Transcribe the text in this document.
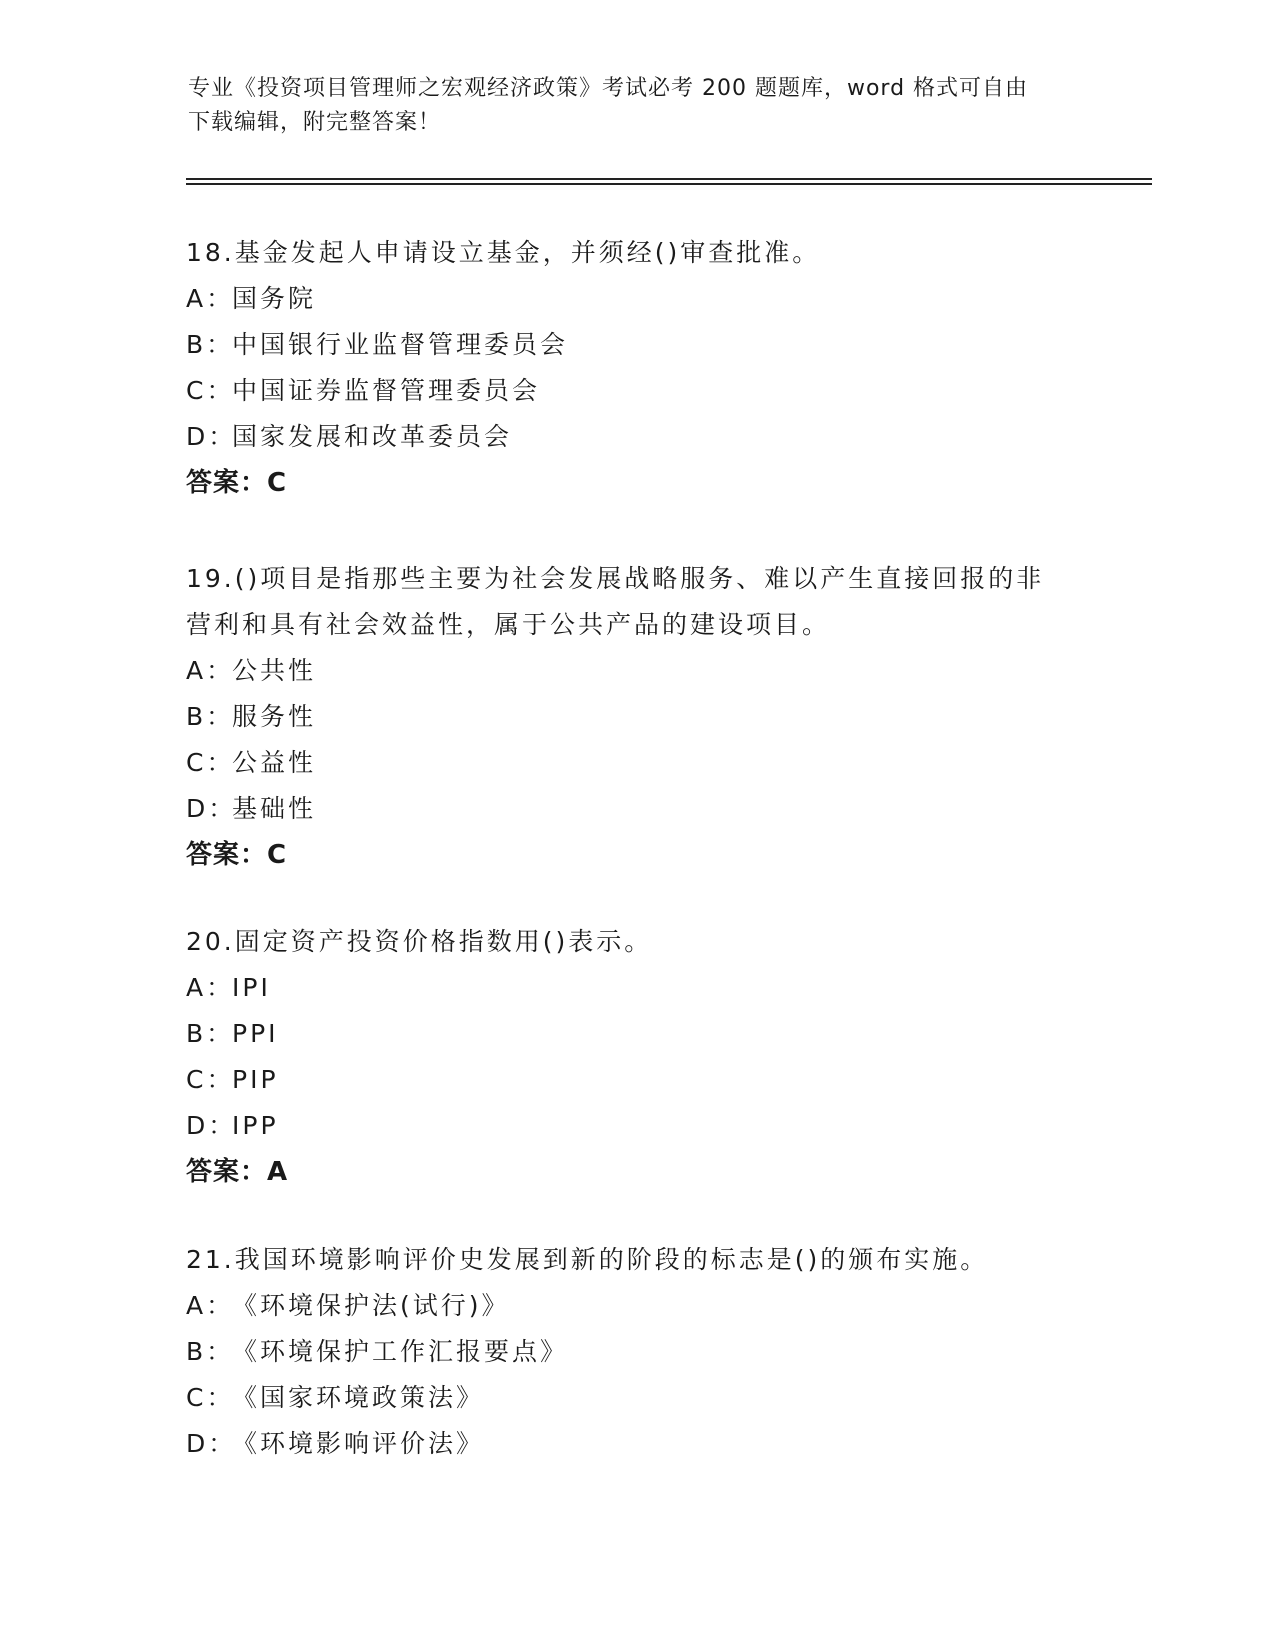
专业《投资项目管理师之宏观经济政策》考试必考 200 题题库，word 格式可自由
下载编辑，附完整答案！

18.基金发起人申请设立基金，并须经()审查批准。

A：
国务院

B：
中国银行业监督管理委员会

C：
中国证券监督管理委员会

D：
国家发展和改革委员会

答案：C

19.()项目是指那些主要为社会发展战略服务、难以产生直接回报的非

营利和具有社会效益性，属于公共产品的建设项目。

A：
公共性

B：
服务性

C：
公益性

D：
基础性

答案：C

20.固定资产投资价格指数用()表示。

A：
IPI

B：
PPI

C：
PIP

D：
IPP

答案：A

21.我国环境影响评价史发展到新的阶段的标志是()的颁布实施。

A：
《环境保护法(试行)》

B：
《环境保护工作汇报要点》

C：
《国家环境政策法》

D：
《环境影响评价法》
